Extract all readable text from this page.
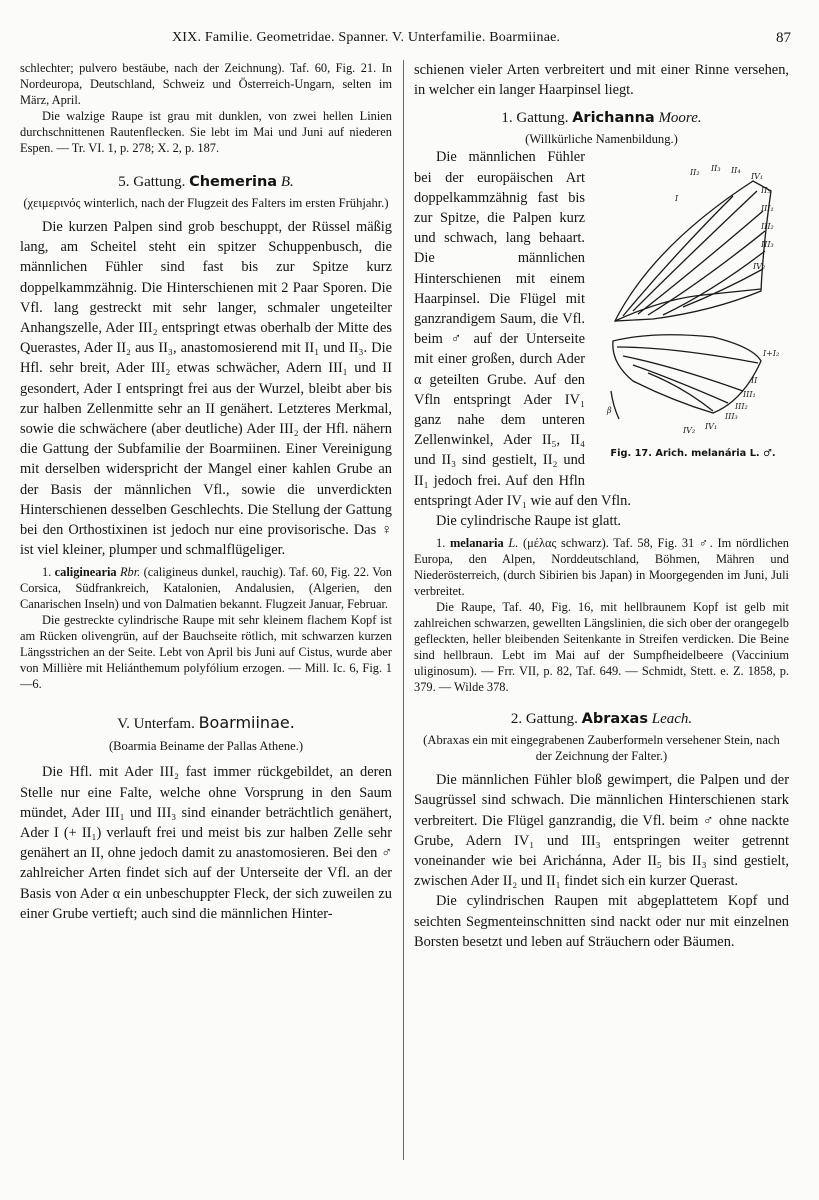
XIX. Familie. Geometridae. Spanner. V. Unterfamilie. Boarmiinae.	87

schlechter; pulvero bestäube, nach der Zeichnung). Taf. 60, Fig. 21. In Nordeuropa, Deutschland, Schweiz und Österreich-Ungarn, selten im März, April.

Die walzige Raupe ist grau mit dunklen, von zwei hellen Linien durchschnittenen Rautenflecken. Sie lebt im Mai und Juni auf niederen Espen. — Tr. VI. 1, p. 278; X. 2, p. 187.

5. Gattung. Chemerina B.

(χειμερινός winterlich, nach der Flugzeit des Falters im ersten Frühjahr.)

Die kurzen Palpen sind grob beschuppt, der Rüssel mäßig lang, am Scheitel steht ein spitzer Schuppenbusch, die männlichen Fühler sind fast bis zur Spitze kurz doppelkammzähnig. Die Hinterschienen mit 2 Paar Sporen. Die Vfl. lang gestreckt mit sehr langer, schmaler ungeteilter Anhangszelle, Ader III₂ entspringt etwas oberhalb der Mitte des Querastes, Ader II₂ aus II₃, anastomosierend mit II₁ und II₃. Die Hfl. sehr breit, Ader III₂ etwas schwächer, Adern III₁ und II gesondert, Ader I entspringt frei aus der Wurzel, bleibt aber bis zur halben Zellenmitte sehr an II genähert. Letzteres Merkmal, sowie die schwächere (aber deutliche) Ader III₂ der Hfl. nähern die Gattung der Subfamilie der Boarmiinen. Einer Vereinigung mit derselben widerspricht der Mangel einer kahlen Grube an der Basis der männlichen Vfl., sowie die unverdickten Hinterschienen desselben Geschlechts. Die Stellung der Gattung bei den Orthostixinen ist jedoch nur eine provisorische. Das ♀ ist viel kleiner, plumper und schmalflügeliger.

1. caliginearia Rbr. (caligineus dunkel, rauchig). Taf. 60, Fig. 22. Von Corsica, Südfrankreich, Katalonien, Andalusien, (Algerien, den Canarischen Inseln) und von Dalmatien bekannt. Flugzeit Januar, Februar.

Die gestreckte cylindrische Raupe mit sehr kleinem flachem Kopf ist am Rücken olivengrün, auf der Bauchseite rötlich, mit schwarzen kurzen Längsstrichen an der Seite. Lebt von April bis Juni auf Cistus, wurde aber von Millière mit Heliánthemum polyfólium erzogen. — Mill. Ic. 6, Fig. 1—6.

V. Unterfam. Boarmiinae.

(Boarmia Beiname der Pallas Athene.)

Die Hfl. mit Ader III₂ fast immer rückgebildet, an deren Stelle nur eine Falte, welche ohne Vorsprung in den Saum mündet, Ader III₁ und III₃ sind einander beträchtlich genähert, Ader I (+ II₁) verlauft frei und meist bis zur halben Zelle sehr genähert an II, ohne jedoch damit zu anastomosieren. Bei den ♂ zahlreicher Arten findet sich auf der Unterseite der Vfl. an der Basis von Ader α ein unbeschuppter Fleck, der sich zuweilen zu einer Grube vertieft; auch sind die männlichen Hinter-

schienen vieler Arten verbreitert und mit einer Rinne versehen, in welcher ein langer Haarpinsel liegt.

1. Gattung. Arichanna Moore.

(Willkürliche Namenbildung.)

II₂ II₃ II₄
IV₁
II₅
III₁
III₂
III₃
IV₂
I
I+I₂
II
III₁
III₂
III₃
IV₁
IV₂
β
Fig. 17. Arich. melanária L. ♂.

Die männlichen Fühler bei der europäischen Art doppelkammzähnig fast bis zur Spitze, die Palpen kurz und schwach, lang behaart. Die männlichen Hinterschienen mit einem Haarpinsel. Die Flügel mit ganzrandigem Saum, die Vfl. beim ♂ auf der Unterseite mit einer großen, durch Ader α geteilten Grube. Auf den Vfln entspringt Ader IV₁ ganz nahe dem unteren Zellenwinkel, Ader II₅, II₄ und II₃ sind gestielt, II₂ und II₁ jedoch frei. Auf den Hfln entspringt Ader IV₁ wie auf den Vfln.

Die cylindrische Raupe ist glatt.

1. melanaria L. (μέλας schwarz). Taf. 58, Fig. 31 ♂. Im nördlichen Europa, den Alpen, Norddeutschland, Böhmen, Mähren und Niederösterreich, (durch Sibirien bis Japan) in Moorgegenden im Juni, Juli verbreitet.

Die Raupe, Taf. 40, Fig. 16, mit hellbraunem Kopf ist gelb mit zahlreichen schwarzen, gewellten Längslinien, die sich ober der orangegelb gefleckten, heller bleibenden Seitenkante in Streifen verdicken. Die Beine sind hellbraun. Lebt im Mai auf der Sumpfheidelbeere (Vaccinium uliginosum). — Frr. VII, p. 82, Taf. 649. — Schmidt, Stett. e. Z. 1858, p. 379. — Wilde 378.

2. Gattung. Abraxas Leach.

(Abraxas ein mit eingegrabenen Zauberformeln versehener Stein, nach der Zeichnung der Falter.)

Die männlichen Fühler bloß gewimpert, die Palpen und der Saugrüssel sind schwach. Die männlichen Hinterschienen stark verbreitert. Die Flügel ganzrandig, die Vfl. beim ♂ ohne nackte Grube, Adern IV₁ und III₃ entspringen weiter getrennt voneinander wie bei Arichánna, Ader II₅ bis II₃ sind gestielt, zwischen Ader II₂ und II₁ findet sich ein kurzer Querast.

Die cylindrischen Raupen mit abgeplattetem Kopf und seichten Segmenteinschnitten sind nackt oder nur mit einzelnen Borsten besetzt und leben auf Sträuchern oder Bäumen.
